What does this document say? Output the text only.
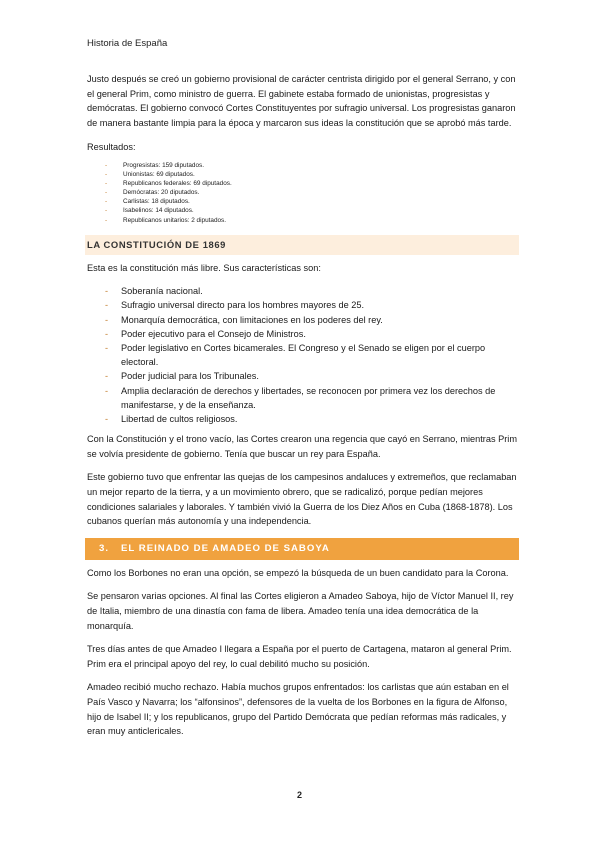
Historia de España

Justo después se creó un gobierno provisional de carácter centrista dirigido por el general Serrano, y con el general Prim, como ministro de guerra. El gabinete estaba formado de unionistas, progresistas y demócratas. El gobierno convocó Cortes Constituyentes por sufragio universal. Los progresistas ganaron de manera bastante limpia para la época y marcaron sus ideas la constitución que se aprobó más tarde.

Resultados:

- Progresistas: 159 diputados.
- Unionistas: 69 diputados.
- Republicanos federales: 69 diputados.
- Demócratas: 20 diputados.
- Carlistas: 18 diputados.
- Isabelinos: 14 diputados.
- Republicanos unitarios: 2 diputados.
LA CONSTITUCIÓN DE 1869

Esta es la constitución más libre. Sus características son:

- Soberanía nacional.
- Sufragio universal directo para los hombres mayores de 25.
- Monarquía democrática, con limitaciones en los poderes del rey.
- Poder ejecutivo para el Consejo de Ministros.
- Poder legislativo en Cortes bicamerales. El Congreso y el Senado se eligen por el cuerpo electoral.
- Poder judicial para los Tribunales.
- Amplia declaración de derechos y libertades, se reconocen por primera vez los derechos de manifestarse, y de la enseñanza.
- Libertad de cultos religiosos.

Con la Constitución y el trono vacío, las Cortes crearon una regencia que cayó en Serrano, mientras Prim se volvía presidente de gobierno. Tenía que buscar un rey para España.

Este gobierno tuvo que enfrentar las quejas de los campesinos andaluces y extremeños, que reclamaban un mejor reparto de la tierra, y a un movimiento obrero, que se radicalizó, porque pedían mejores condiciones salariales y laborales. Y también vivió la Guerra de los Diez Años en Cuba (1868-1878). Los cubanos querían más autonomía y una independencia.

3. EL REINADO DE AMADEO DE SABOYA

Como los Borbones no eran una opción, se empezó la búsqueda de un buen candidato para la Corona.

Se pensaron varias opciones. Al final las Cortes eligieron a Amadeo Saboya, hijo de Víctor Manuel II, rey de Italia, miembro de una dinastía con fama de libera. Amadeo tenía una idea democrática de la monarquía.

Tres días antes de que Amadeo I llegara a España por el puerto de Cartagena, mataron al general Prim. Prim era el principal apoyo del rey, lo cual debilitó mucho su posición.

Amadeo recibió mucho rechazo. Había muchos grupos enfrentados: los carlistas que aún estaban en el País Vasco y Navarra; los “alfonsinos”, defensores de la vuelta de los Borbones en la figura de Alfonso, hijo de Isabel II; y los republicanos, grupo del Partido Demócrata que pedían reformas más radicales, y eran muy anticlericales.

2
